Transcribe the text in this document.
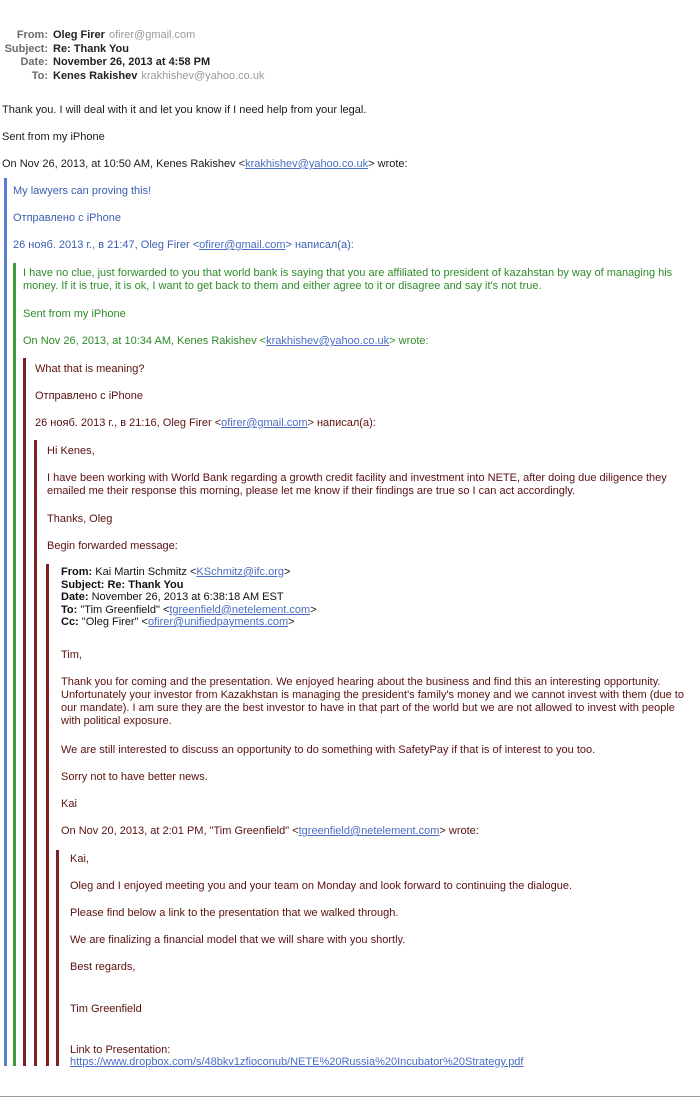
From: Oleg Firer ofirer@gmail.com
Subject: Re: Thank You
Date: November 26, 2013 at 4:58 PM
To: Kenes Rakishev krakhishev@yahoo.co.uk
Thank you. I will deal with it and let you know if I need help from your legal.
Sent from my iPhone
On Nov 26, 2013, at 10:50 AM, Kenes Rakishev <krakhishev@yahoo.co.uk> wrote:
My lawyers can proving this!
Отправлено с iPhone
26 нояб. 2013 г., в 21:47, Oleg Firer <ofirer@gmail.com> написал(а):
I have no clue, just forwarded to you that world bank is saying that you are affiliated to president of kazahstan by way of managing his money. If it is true, it is ok, I want to get back to them and either agree to it or disagree and say it's not true.
Sent from my iPhone
On Nov 26, 2013, at 10:34 AM, Kenes Rakishev <krakhishev@yahoo.co.uk> wrote:
What that is meaning?
Отправлено с iPhone
26 нояб. 2013 г., в 21:16, Oleg Firer <ofirer@gmail.com> написал(а):
Hi Kenes,
I have been working with World Bank regarding a growth credit facility and investment into NETE, after doing due diligence they emailed me their response this morning, please let me know if their findings are true so I can act accordingly.
Thanks, Oleg
Begin forwarded message:
From: Kai Martin Schmitz <KSchmitz@ifc.org>
Subject: Re: Thank You
Date: November 26, 2013 at 6:38:18 AM EST
To: "Tim Greenfield" <tgreenfield@netelement.com>
Cc: "Oleg Firer" <ofirer@unifiedpayments.com>
Tim,
Thank you for coming and the presentation. We enjoyed hearing about the business and find this an interesting opportunity. Unfortunately your investor from Kazakhstan is managing the president's family's money and we cannot invest with them (due to our mandate). I am sure they are the best investor to have in that part of the world but we are not allowed to invest with people with political exposure.
We are still interested to discuss an opportunity to do something with SafetyPay if that is of interest to you too.
Sorry not to have better news.
Kai
On Nov 20, 2013, at 2:01 PM, "Tim Greenfield" <tgreenfield@netelement.com> wrote:
Kai,
Oleg and I enjoyed meeting you and your team on Monday and look forward to continuing the dialogue.
Please find below a link to the presentation that we walked through.
We are finalizing a financial model that we will share with you shortly.
Best regards,
Tim Greenfield
Link to Presentation:
https://www.dropbox.com/s/48bkv1zfioconub/NETE%20Russia%20Incubator%20Strategy.pdf
